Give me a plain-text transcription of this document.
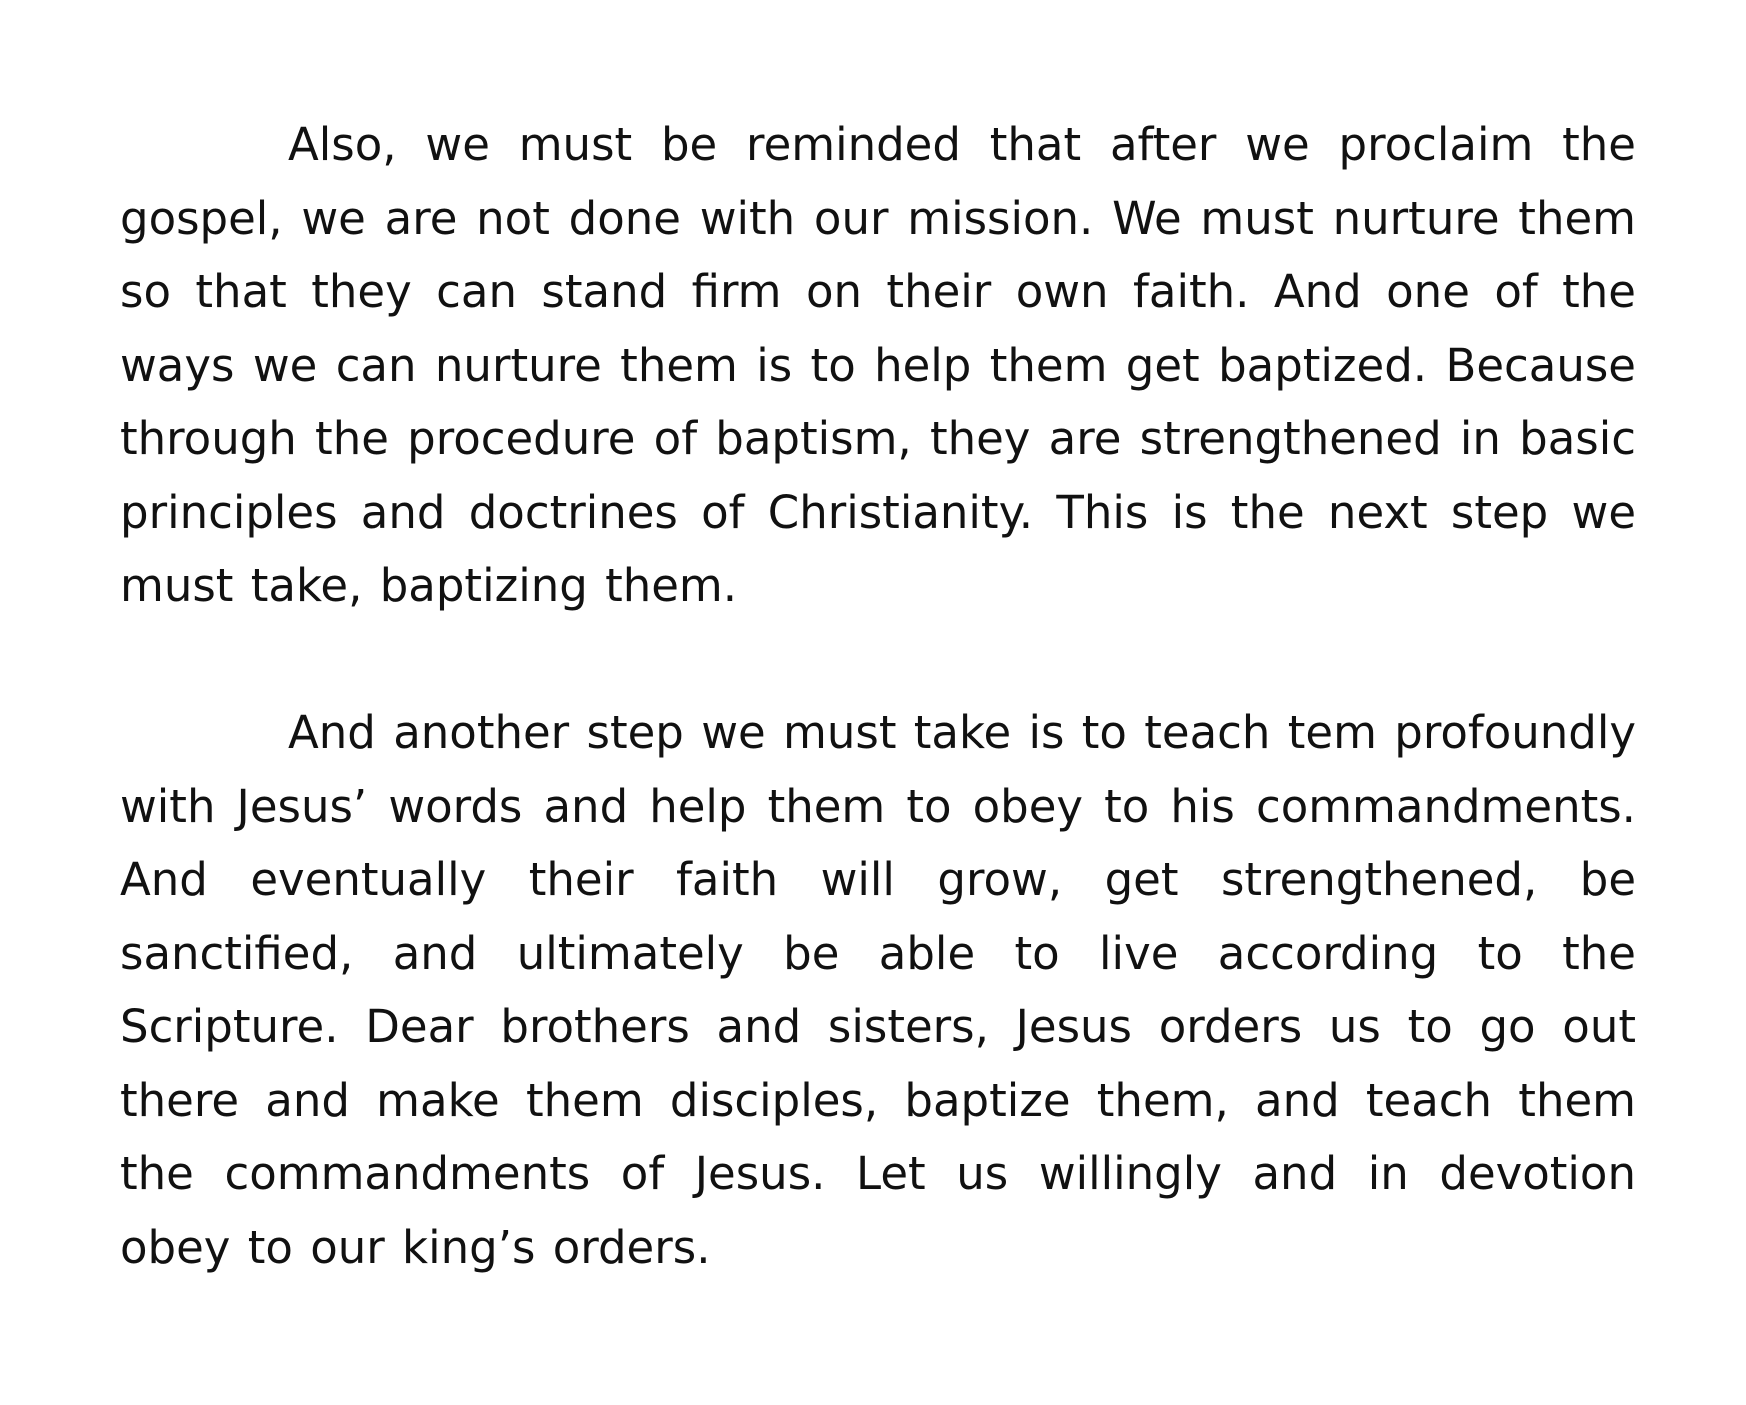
Also, we must be reminded that after we proclaim the gospel, we are not done with our mission. We must nurture them so that they can stand firm on their own faith. And one of the ways we can nurture them is to help them get baptized. Because through the procedure of baptism, they are strengthened in basic principles and doctrines of Christianity. This is the next step we must take, baptizing them.

And another step we must take is to teach tem profoundly with Jesus’ words and help them to obey to his commandments. And eventually their faith will grow, get strengthened, be sanctified, and ultimately be able to live according to the Scripture. Dear brothers and sisters, Jesus orders us to go out there and make them disciples, baptize them, and teach them the commandments of Jesus. Let us willingly and in devotion obey to our king’s orders.
